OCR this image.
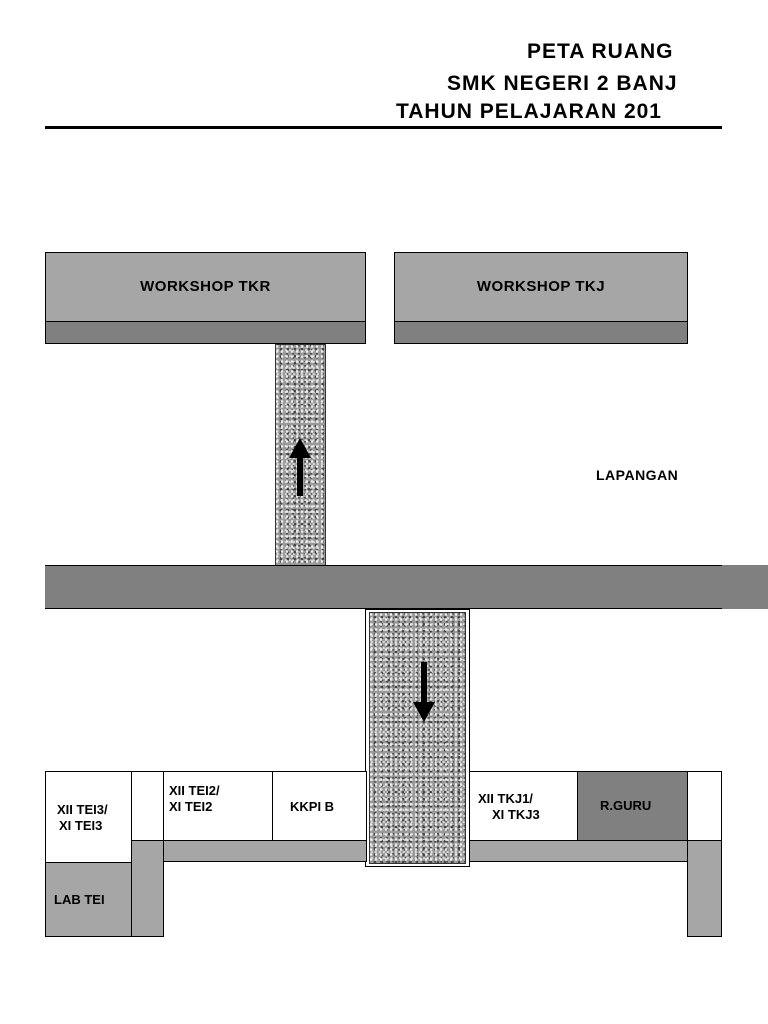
PETA RUANG
SMK NEGERI 2 BANJ
TAHUN PELAJARAN 201
WORKSHOP TKR	WORKSHOP TKJ
LAPANGAN
XII TEI3/
XI TEI3
XII TEI2/
XI TEI2	KKPI B
XII TKJ1/
XI TKJ3
R.GURU
LAB TEI
